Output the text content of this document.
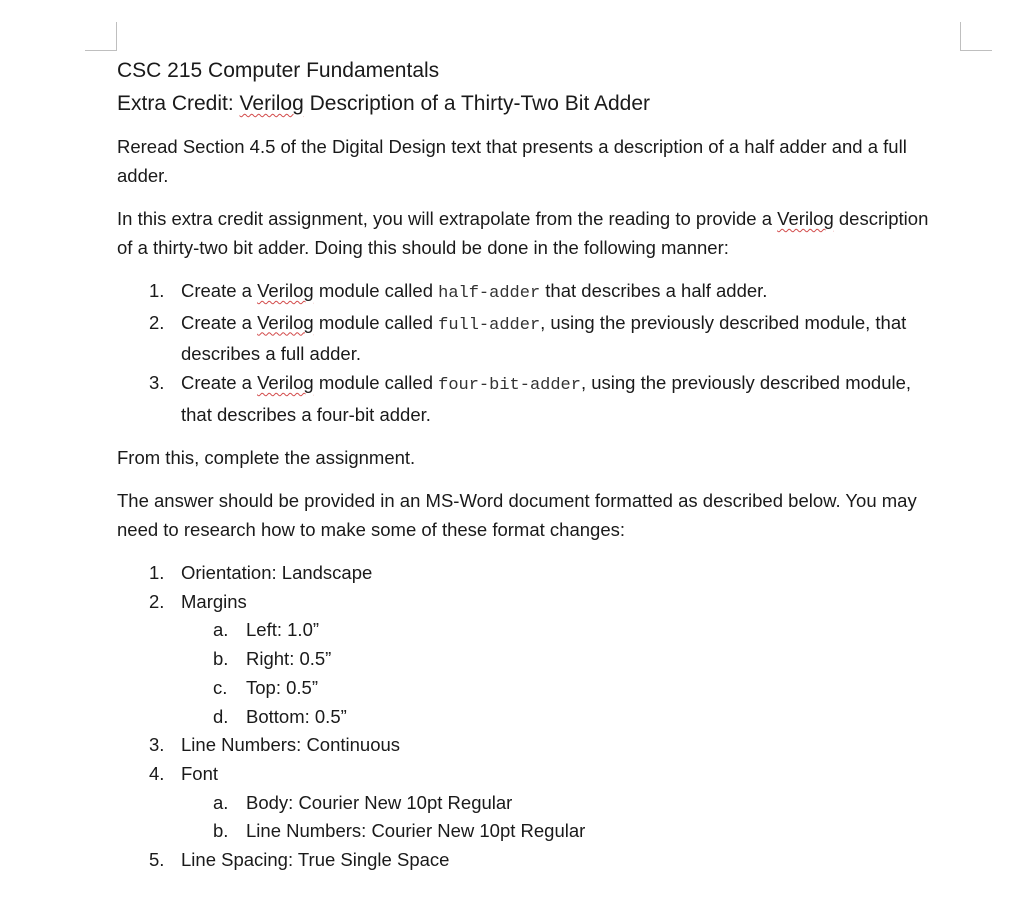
CSC 215 Computer Fundamentals
Extra Credit: Verilog Description of a Thirty-Two Bit Adder

Reread Section 4.5 of the Digital Design text that presents a description of a half adder and a full adder.

In this extra credit assignment, you will extrapolate from the reading to provide a Verilog description of a thirty-two bit adder. Doing this should be done in the following manner:

1. Create a Verilog module called half-adder that describes a half adder.
2. Create a Verilog module called full-adder, using the previously described module, that describes a full adder.
3. Create a Verilog module called four-bit-adder, using the previously described module, that describes a four-bit adder.

From this, complete the assignment.

The answer should be provided in an MS-Word document formatted as described below. You may need to research how to make some of these format changes:

1. Orientation: Landscape
2. Margins
a. Left: 1.0”
b. Right: 0.5”
c. Top: 0.5”
d. Bottom: 0.5”
3. Line Numbers: Continuous
4. Font
a. Body: Courier New 10pt Regular
b. Line Numbers: Courier New 10pt Regular
5. Line Spacing: True Single Space
